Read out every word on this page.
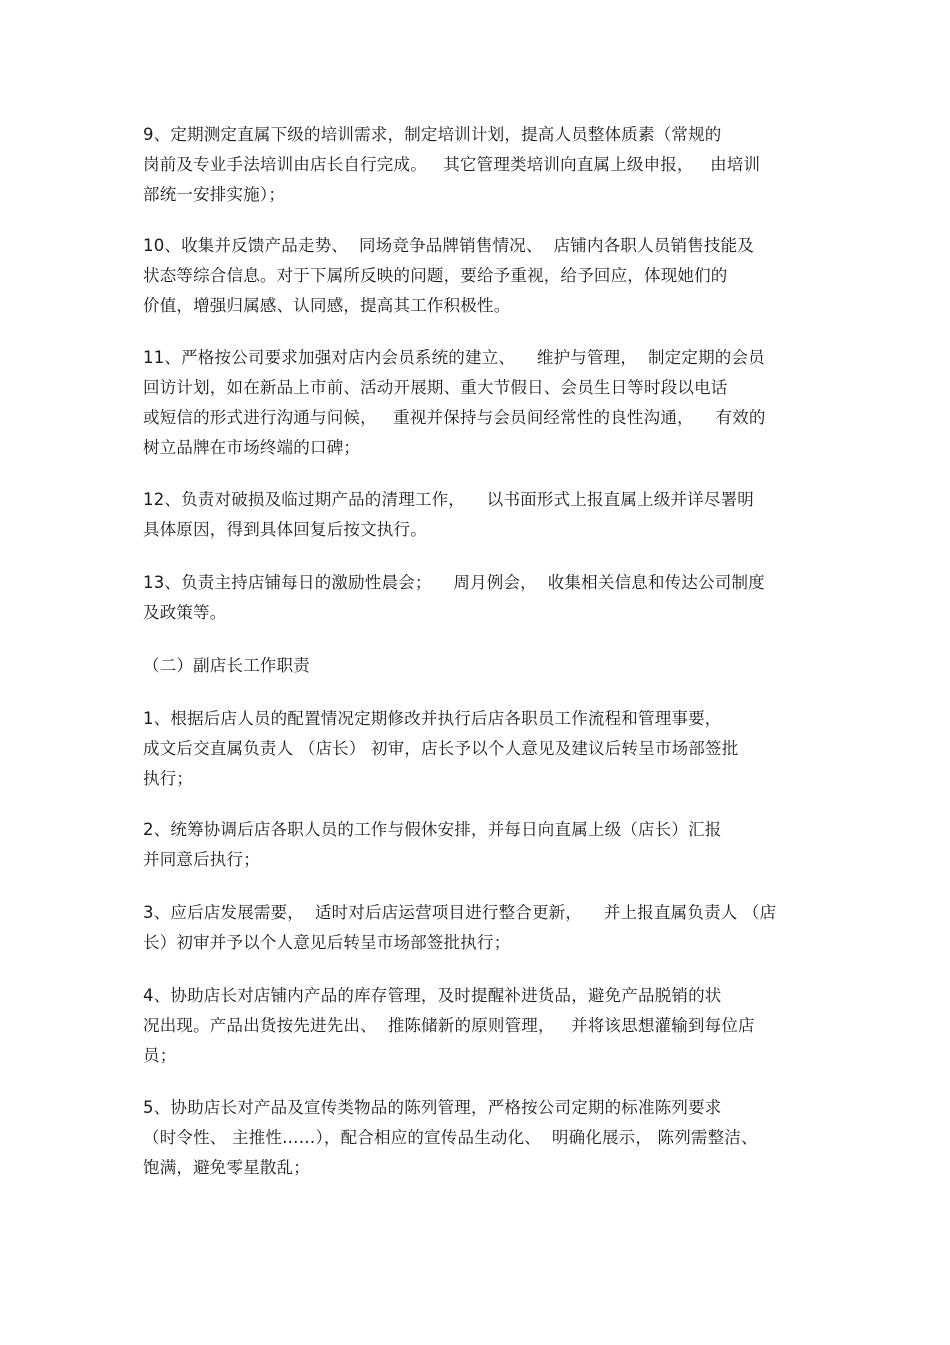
9、定期测定直属下级的培训需求，制定培训计划，提高人员整体质素（常规的
岗前及专业手法培训由店长自行完成。   其它管理类培训向直属上级申报，   由培训
部统一安排实施）；
10、收集并反馈产品走势、  同场竞争品牌销售情况、  店铺内各职人员销售技能及
状态等综合信息。对于下属所反映的问题，要给予重视，给予回应，体现她们的
价值，增强归属感、认同感，提高其工作积极性。
11、严格按公司要求加强对店内会员系统的建立、    维护与管理，  制定定期的会员
回访计划，如在新品上市前、活动开展期、重大节假日、会员生日等时段以电话
或短信的形式进行沟通与问候，   重视并保持与会员间经常性的良性沟通，    有效的
树立品牌在市场终端的口碑；
12、负责对破损及临过期产品的清理工作，    以书面形式上报直属上级并详尽署明
具体原因，得到具体回复后按文执行。
13、负责主持店铺每日的激励性晨会；    周月例会，  收集相关信息和传达公司制度
及政策等。
（二）副店长工作职责
1、根据后店人员的配置情况定期修改并执行后店各职员工作流程和管理事要，
成文后交直属负责人 （店长） 初审，店长予以个人意见及建议后转呈市场部签批
执行；
2、统筹协调后店各职人员的工作与假休安排，并每日向直属上级（店长）汇报
并同意后执行；
3、应后店发展需要，  适时对后店运营项目进行整合更新，    并上报直属负责人 （店
长）初审并予以个人意见后转呈市场部签批执行；
4、协助店长对店铺内产品的库存管理，及时提醒补进货品，避免产品脱销的状
况出现。产品出货按先进先出、  推陈储新的原则管理，   并将该思想灌输到每位店
员；
5、协助店长对产品及宣传类物品的陈列管理，严格按公司定期的标准陈列要求
（时令性、 主推性……），配合相应的宣传品生动化、  明确化展示， 陈列需整洁、
饱满，避免零星散乱；
